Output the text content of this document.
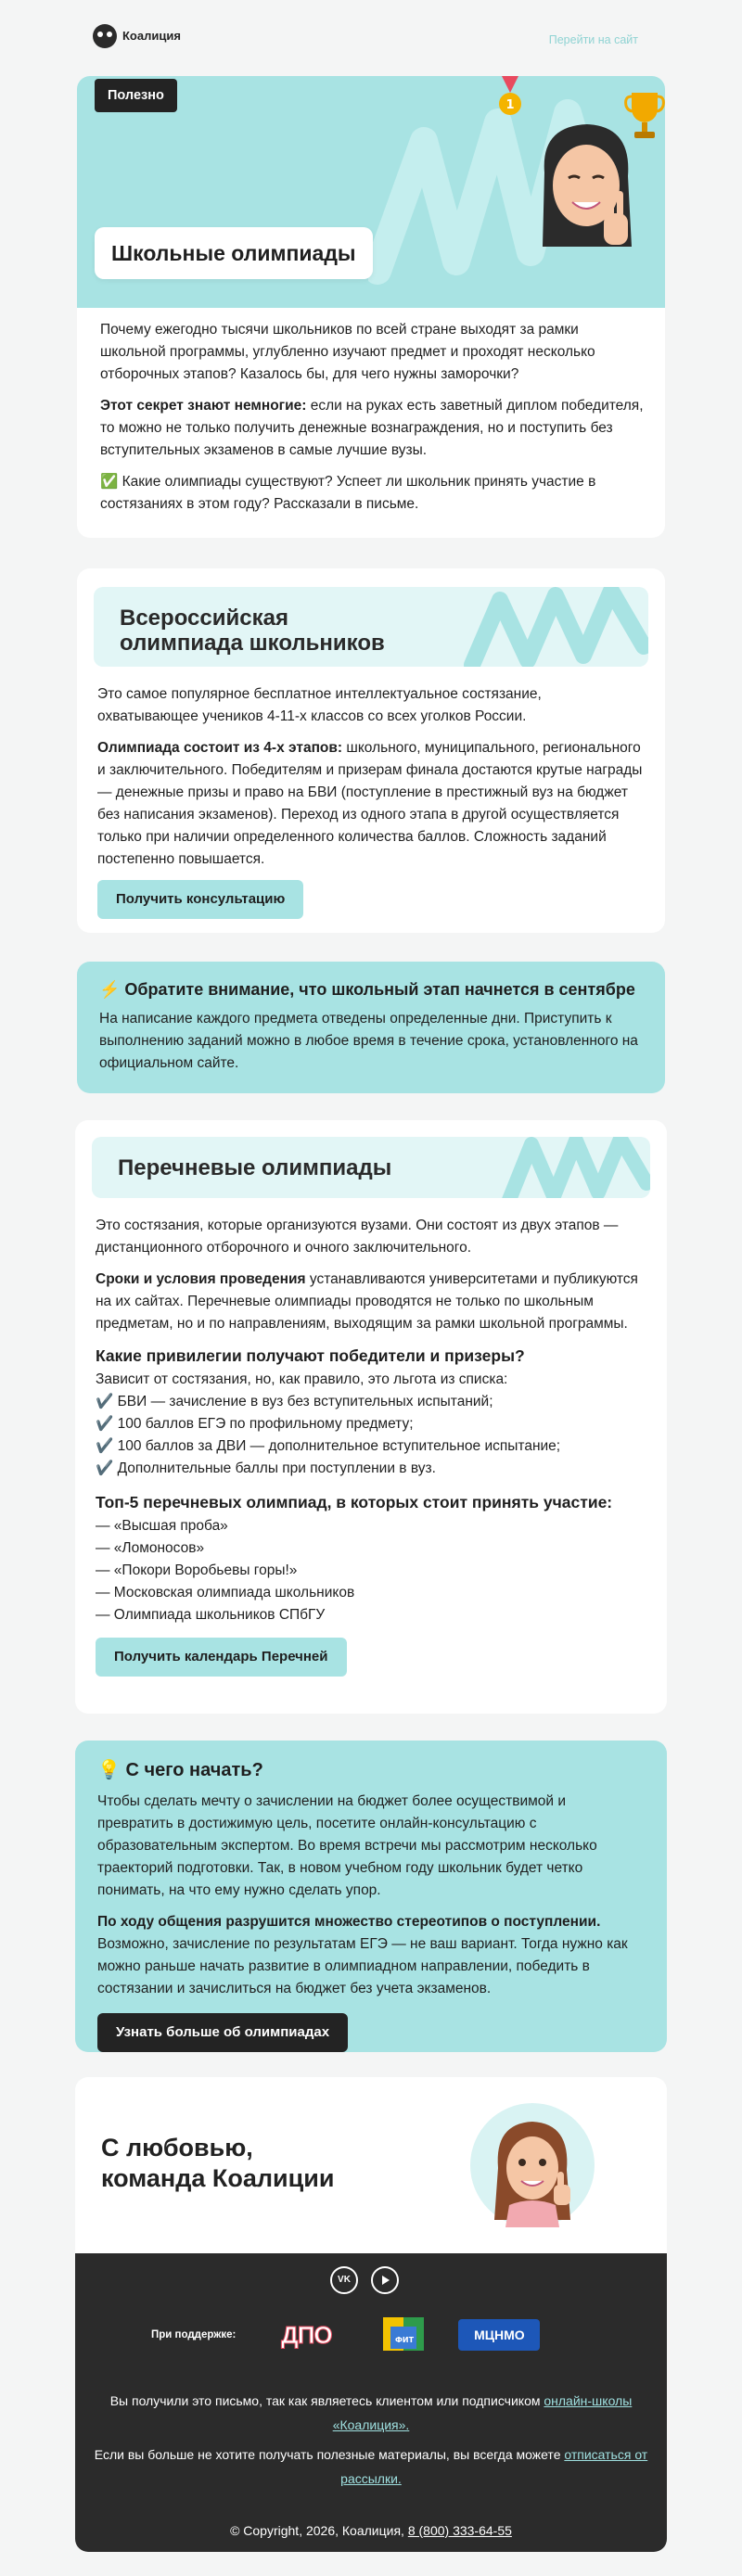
Коалиция	Перейти на сайт
Полезно
1
Школьные олимпиады

Почему ежегодно тысячи школьников по всей стране выходят за рамки школьной программы, углубленно изучают предмет и проходят несколько отборочных этапов? Казалось бы, для чего нужны заморочки?

Этот секрет знают немногие: если на руках есть заветный диплом победителя, то можно не только получить денежные вознаграждения, но и поступить без вступительных экзаменов в самые лучшие вузы.

✅ Какие олимпиады существуют? Успеет ли школьник принять участие в состязаниях в этом году? Рассказали в письме.

Всероссийская
олимпиада школьников

Это самое популярное бесплатное интеллектуальное состязание, охватывающее учеников 4-11-х классов со всех уголков России.

Олимпиада состоит из 4-х этапов: школьного, муниципального, регионального и заключительного. Победителям и призерам финала достаются крутые награды — денежные призы и право на БВИ (поступление в престижный вуз на бюджет без написания экзаменов). Переход из одного этапа в другой осуществляется только при наличии определенного количества баллов. Сложность заданий постепенно повышается.

Получить консультацию
⚡ Обратите внимание, что школьный этап начнется в сентябре

На написание каждого предмета отведены определенные дни. Приступить к выполнению заданий можно в любое время в течение срока, установленного на официальном сайте.

Перечневые олимпиады

Это состязания, которые организуются вузами. Они состоят из двух этапов — дистанционного отборочного и очного заключительного.

Сроки и условия проведения устанавливаются университетами и публикуются на их сайтах. Перечневые олимпиады проводятся не только по школьным предметам, но и по направлениям, выходящим за рамки школьной программы.

Какие привилегии получают победители и призеры?
Зависит от состязания, но, как правило, это льгота из списка:
✔️ БВИ — зачисление в вуз без вступительных испытаний;
✔️ 100 баллов ЕГЭ по профильному предмету;
✔️ 100 баллов за ДВИ — дополнительное вступительное испытание;
✔️ Дополнительные баллы при поступлении в вуз.
Топ-5 перечневых олимпиад, в которых стоит принять участие:
— «Высшая проба»
— «Ломоносов»
— «Покори Воробьевы горы!»
— Московская олимпиада школьников
— Олимпиада школьников СПбГУ
Получить календарь Перечней
💡 С чего начать?

Чтобы сделать мечту о зачислении на бюджет более осуществимой и превратить в достижимую цель, посетите онлайн-консультацию с образовательным экспертом. Во время встречи мы рассмотрим несколько траекторий подготовки. Так, в новом учебном году школьник будет четко понимать, на что ему нужно сделать упор.

По ходу общения разрушится множество стереотипов о поступлении. Возможно, зачисление по результатам ЕГЭ — не ваш вариант. Тогда нужно как можно раньше начать развитие в олимпиадном направлении, победить в состязании и зачислиться на бюджет без учета экзаменов.

Узнать больше об олимпиадах
С любовью,
команда Коалиции
VK
При поддержке:	ДПО	ФИТ	МЦНМО
Вы получили это письмо, так как являетесь клиентом или подписчиком онлайн-школы «Коалиция».
Если вы больше не хотите получать полезные материалы, вы всегда можете отписаться от рассылки.
© Copyright, 2026, Коалиция, 8 (800) 333-64-55
